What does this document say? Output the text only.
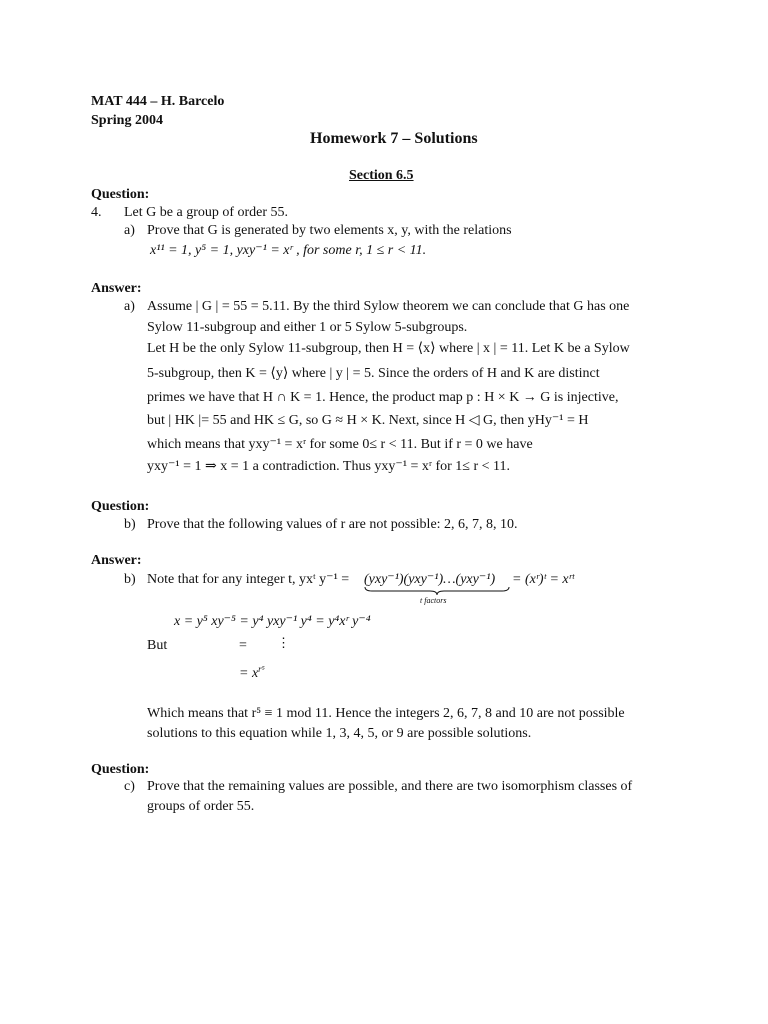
MAT 444 – H. Barcelo
Spring 2004
Homework 7 – Solutions
Section 6.5
Question:
4. Let G be a group of order 55.
a) Prove that G is generated by two elements x, y, with the relations
x¹¹ = 1, y⁵ = 1, yxy⁻¹ = xʳ , for some r, 1 ≤ r < 11.
Answer:
a) Assume | G | = 55 = 5.11. By the third Sylow theorem we can conclude that G has one
Sylow 11-subgroup and either 1 or 5 Sylow 5-subgroups.
Let H be the only Sylow 11-subgroup, then H = ⟨x⟩ where | x | = 11. Let K be a Sylow
5-subgroup, then K = ⟨y⟩ where | y | = 5. Since the orders of H and K are distinct
primes we have that H ∩ K = 1. Hence, the product map p : H × K → G is injective,
but | HK |= 55 and HK ≤ G, so G ≈ H × K. Next, since H ◁ G, then yHy⁻¹ = H
which means that yxy⁻¹ = xʳ for some 0≤ r < 11. But if r = 0 we have
yxy⁻¹ = 1 ⇒ x = 1 a contradiction. Thus yxy⁻¹ = xʳ for 1≤ r < 11.
Question:
b) Prove that the following values of r are not possible: 2, 6, 7, 8, 10.
Answer:
b) Note that for any integer t, yxᵗ y⁻¹ = (yxy⁻¹)(yxy⁻¹)…(yxy⁻¹)
t factors
= (xʳ)ᵗ = xʳᵗ
x = y⁵ xy⁻⁵ = y⁴ yxy⁻¹ y⁴ = y⁴xʳ y⁻⁴
But	= ⋮
= $x^{r^5}$
Which means that r⁵ ≡ 1 mod 11. Hence the integers 2, 6, 7, 8 and 10 are not possible
solutions to this equation while 1, 3, 4, 5, or 9 are possible solutions.
Question:
c) Prove that the remaining values are possible, and there are two isomorphism classes of
groups of order 55.
